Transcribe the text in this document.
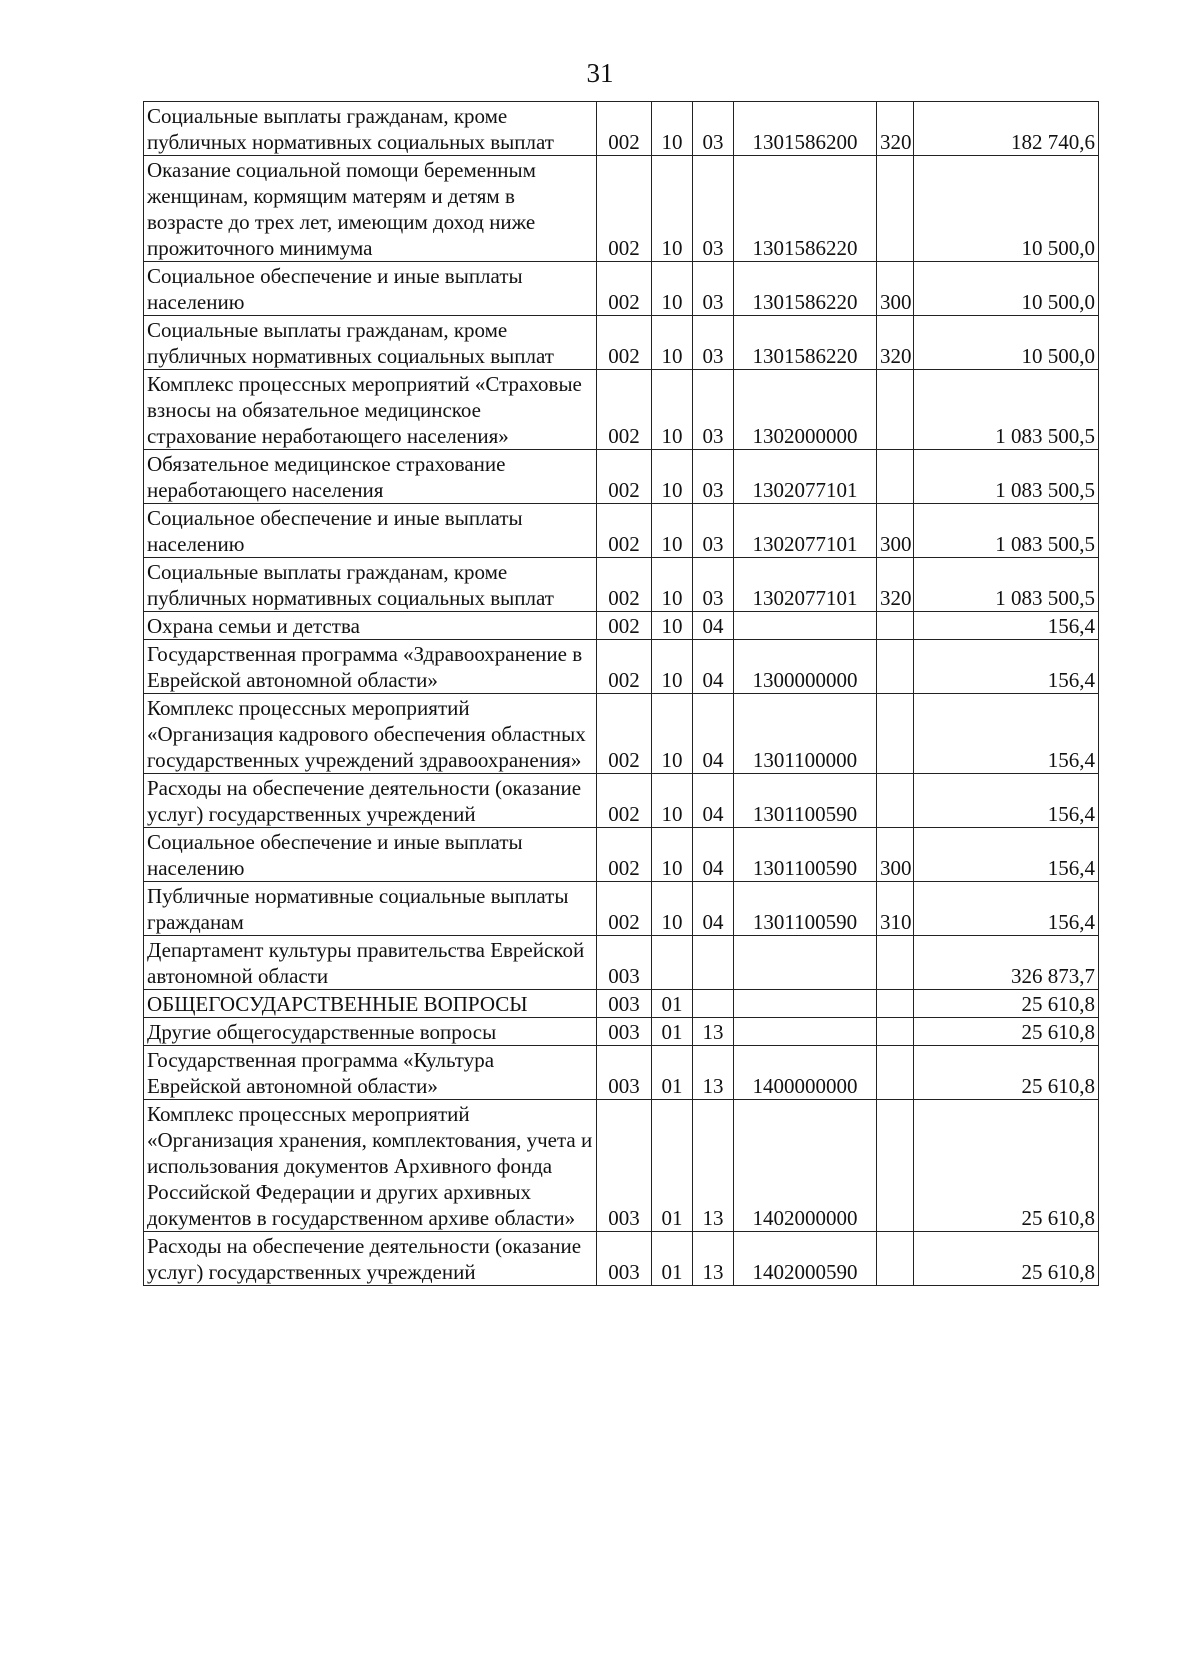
31
Социальные выплаты гражданам, кроме публичных нормативных социальных выплат	002	10	03	1301586200	320	182 740,6
Оказание социальной помощи беременным женщинам, кормящим матерям и детям в возрасте до трех лет, имеющим доход ниже прожиточного минимума	002	10	03	1301586220		10 500,0
Социальное обеспечение и иные выплаты населению	002	10	03	1301586220	300	10 500,0
Социальные выплаты гражданам, кроме публичных нормативных социальных выплат	002	10	03	1301586220	320	10 500,0
Комплекс процессных мероприятий «Страховые взносы на обязательное медицинское страхование неработающего населения»	002	10	03	1302000000		1 083 500,5
Обязательное медицинское страхование неработающего населения	002	10	03	1302077101		1 083 500,5
Социальное обеспечение и иные выплаты населению	002	10	03	1302077101	300	1 083 500,5
Социальные выплаты гражданам, кроме публичных нормативных социальных выплат	002	10	03	1302077101	320	1 083 500,5
Охрана семьи и детства	002	10	04			156,4
Государственная программа «Здравоохранение в Еврейской автономной области»	002	10	04	1300000000		156,4
Комплекс процессных мероприятий «Организация кадрового обеспечения областных государственных учреждений здравоохранения»	002	10	04	1301100000		156,4
Расходы на обеспечение деятельности (оказание услуг) государственных учреждений	002	10	04	1301100590		156,4
Социальное обеспечение и иные выплаты населению	002	10	04	1301100590	300	156,4
Публичные нормативные социальные выплаты гражданам	002	10	04	1301100590	310	156,4
Департамент культуры правительства Еврейской автономной области	003					326 873,7
ОБЩЕГОСУДАРСТВЕННЫЕ ВОПРОСЫ	003	01				25 610,8
Другие общегосударственные вопросы	003	01	13			25 610,8
Государственная программа «Культура Еврейской автономной области»	003	01	13	1400000000		25 610,8
Комплекс процессных мероприятий «Организация хранения, комплектования, учета и использования документов Архивного фонда Российской Федерации и других архивных документов в государственном архиве области»	003	01	13	1402000000		25 610,8
Расходы на обеспечение деятельности (оказание услуг) государственных учреждений	003	01	13	1402000590		25 610,8
